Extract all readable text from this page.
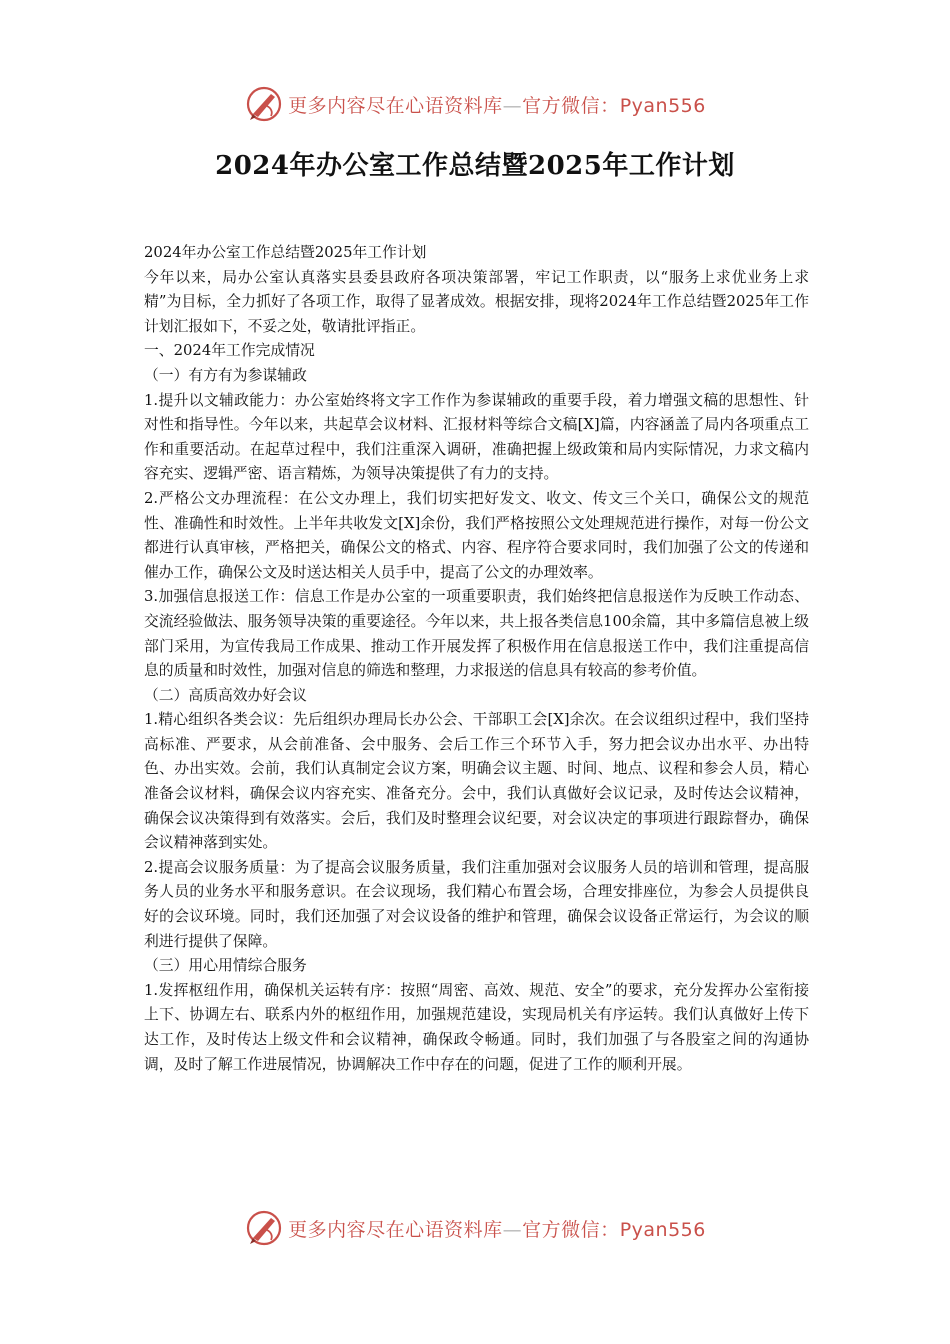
更多内容尽在心语资料库—官方微信：Pyan556
2024年办公室工作总结暨2025年工作计划

2024年办公室工作总结暨2025年工作计划

今年以来，局办公室认真落实县委县政府各项决策部署，牢记工作职责，以“服务上求优业务上求精”为目标，全力抓好了各项工作，取得了显著成效。根据安排，现将2024年工作总结暨2025年工作计划汇报如下，不妥之处，敬请批评指正。

一、2024年工作完成情况

（一）有方有为参谋辅政

1.提升以文辅政能力：办公室始终将文字工作作为参谋辅政的重要手段，着力增强文稿的思想性、针对性和指导性。今年以来，共起草会议材料、汇报材料等综合文稿[X]篇，内容涵盖了局内各项重点工作和重要活动。在起草过程中，我们注重深入调研，准确把握上级政策和局内实际情况，力求文稿内容充实、逻辑严密、语言精炼，为领导决策提供了有力的支持。

2.严格公文办理流程：在公文办理上，我们切实把好发文、收文、传文三个关口，确保公文的规范性、准确性和时效性。上半年共收发文[X]余份，我们严格按照公文处理规范进行操作，对每一份公文都进行认真审核，严格把关，确保公文的格式、内容、程序符合要求同时，我们加强了公文的传递和催办工作，确保公文及时送达相关人员手中，提高了公文的办理效率。

3.加强信息报送工作：信息工作是办公室的一项重要职责，我们始终把信息报送作为反映工作动态、交流经验做法、服务领导决策的重要途径。今年以来，共上报各类信息100余篇，其中多篇信息被上级部门采用，为宣传我局工作成果、推动工作开展发挥了积极作用在信息报送工作中，我们注重提高信息的质量和时效性，加强对信息的筛选和整理，力求报送的信息具有较高的参考价值。

（二）高质高效办好会议

1.精心组织各类会议：先后组织办理局长办公会、干部职工会[X]余次。在会议组织过程中，我们坚持高标准、严要求，从会前准备、会中服务、会后工作三个环节入手，努力把会议办出水平、办出特色、办出实效。会前，我们认真制定会议方案，明确会议主题、时间、地点、议程和参会人员，精心准备会议材料，确保会议内容充实、准备充分。会中，我们认真做好会议记录，及时传达会议精神，确保会议决策得到有效落实。会后，我们及时整理会议纪要，对会议决定的事项进行跟踪督办，确保会议精神落到实处。

2.提高会议服务质量：为了提高会议服务质量，我们注重加强对会议服务人员的培训和管理，提高服务人员的业务水平和服务意识。在会议现场，我们精心布置会场，合理安排座位，为参会人员提供良好的会议环境。同时，我们还加强了对会议设备的维护和管理，确保会议设备正常运行，为会议的顺利进行提供了保障。

（三）用心用情综合服务

1.发挥枢纽作用，确保机关运转有序：按照“周密、高效、规范、安全”的要求，充分发挥办公室衔接上下、协调左右、联系内外的枢纽作用，加强规范建设，实现局机关有序运转。我们认真做好上传下达工作，及时传达上级文件和会议精神，确保政令畅通。同时，我们加强了与各股室之间的沟通协调，及时了解工作进展情况，协调解决工作中存在的问题，促进了工作的顺利开展。

更多内容尽在心语资料库—官方微信：Pyan556
